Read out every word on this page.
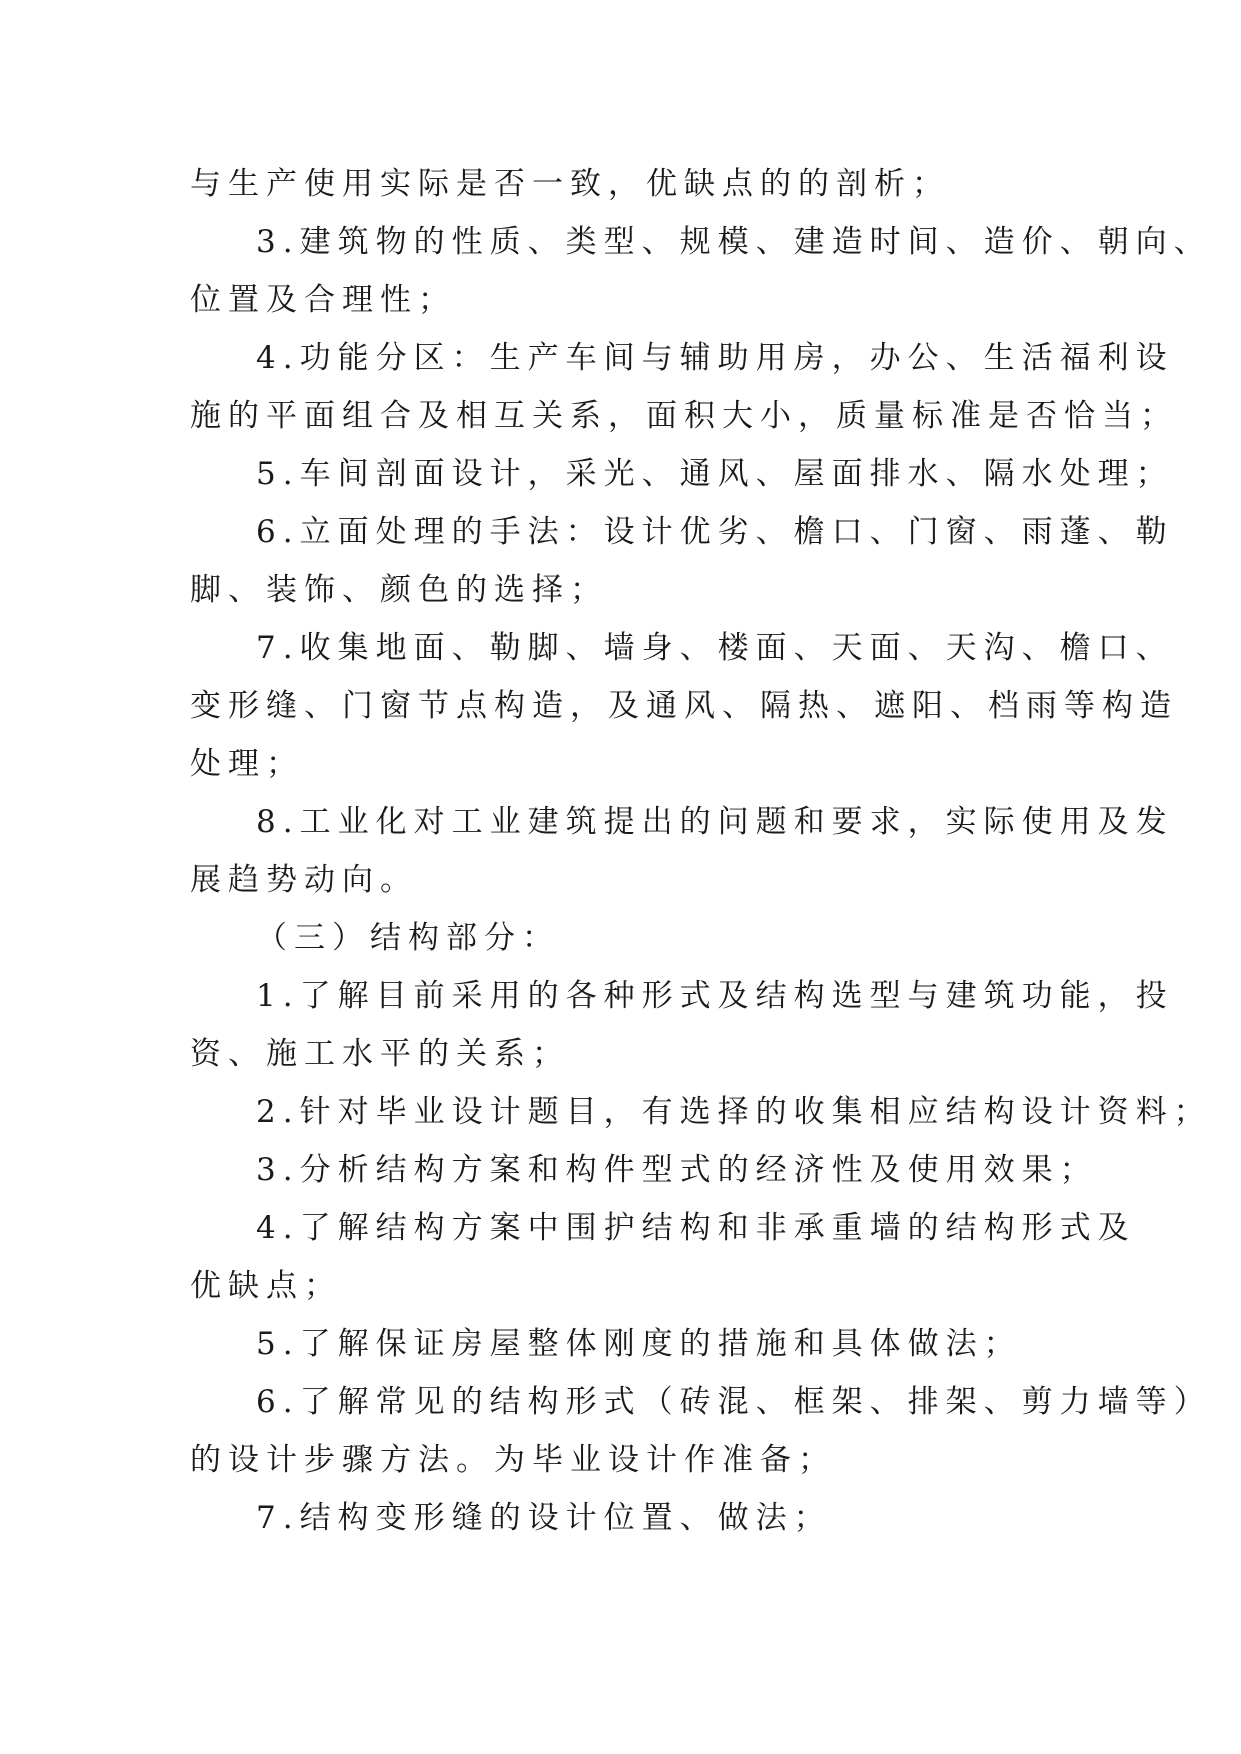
与生产使用实际是否一致，优缺点的的剖析；
3.建筑物的性质、类型、规模、建造时间、造价、朝向、
位置及合理性；
4.功能分区：生产车间与辅助用房，办公、生活福利设
施的平面组合及相互关系，面积大小，质量标准是否恰当；
5.车间剖面设计，采光、通风、屋面排水、隔水处理；
6.立面处理的手法：设计优劣、檐口、门窗、雨蓬、勒
脚、装饰、颜色的选择；
7.收集地面、勒脚、墙身、楼面、天面、天沟、檐口、
变形缝、门窗节点构造，及通风、隔热、遮阳、档雨等构造
处理；
8.工业化对工业建筑提出的问题和要求，实际使用及发
展趋势动向。
（三）结构部分：
1.了解目前采用的各种形式及结构选型与建筑功能，投
资、施工水平的关系；
2.针对毕业设计题目，有选择的收集相应结构设计资料；
3.分析结构方案和构件型式的经济性及使用效果；
4.了解结构方案中围护结构和非承重墙的结构形式及
优缺点；
5.了解保证房屋整体刚度的措施和具体做法；
6.了解常见的结构形式（砖混、框架、排架、剪力墙等）
的设计步骤方法。为毕业设计作准备；
7.结构变形缝的设计位置、做法；
